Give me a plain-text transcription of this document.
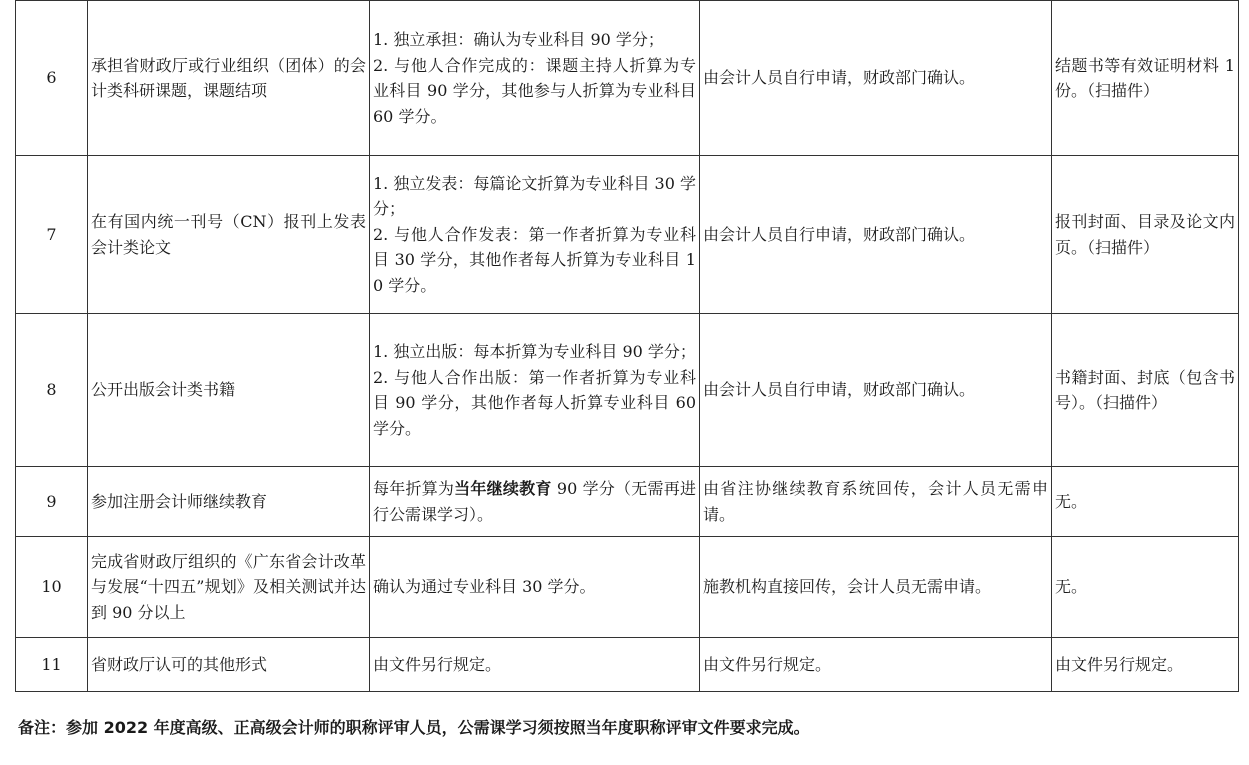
6	承担省财政厅或行业组织（团体）的会计类科研课题，课题结项	1. 独立承担：确认为专业科目 90 学分；
2. 与他人合作完成的：课题主持人折算为专业科目 90 学分，其他参与人折算为专业科目 60 学分。	由会计人员自行申请，财政部门确认。	结题书等有效证明材料 1 份。（扫描件）
7	在有国内统一刊号（CN）报刊上发表会计类论文	1. 独立发表：每篇论文折算为专业科目 30 学分；
2. 与他人合作发表：第一作者折算为专业科目 30 学分，其他作者每人折算为专业科目 10 学分。	由会计人员自行申请，财政部门确认。	报刊封面、目录及论文内页。（扫描件）
8	公开出版会计类书籍	1. 独立出版：每本折算为专业科目 90 学分；
2. 与他人合作出版：第一作者折算为专业科目 90 学分，其他作者每人折算专业科目 60 学分。	由会计人员自行申请，财政部门确认。	书籍封面、封底（包含书号）。（扫描件）
9	参加注册会计师继续教育	每年折算为当年继续教育 90 学分（无需再进行公需课学习）。	由省注协继续教育系统回传，会计人员无需申请。	无。
10	完成省财政厅组织的《广东省会计改革与发展“十四五”规划》及相关测试并达到 90 分以上	确认为通过专业科目 30 学分。	施教机构直接回传，会计人员无需申请。	无。
11	省财政厅认可的其他形式	由文件另行规定。	由文件另行规定。	由文件另行规定。
备注：参加 2022 年度高级、正高级会计师的职称评审人员，公需课学习须按照当年度职称评审文件要求完成。
